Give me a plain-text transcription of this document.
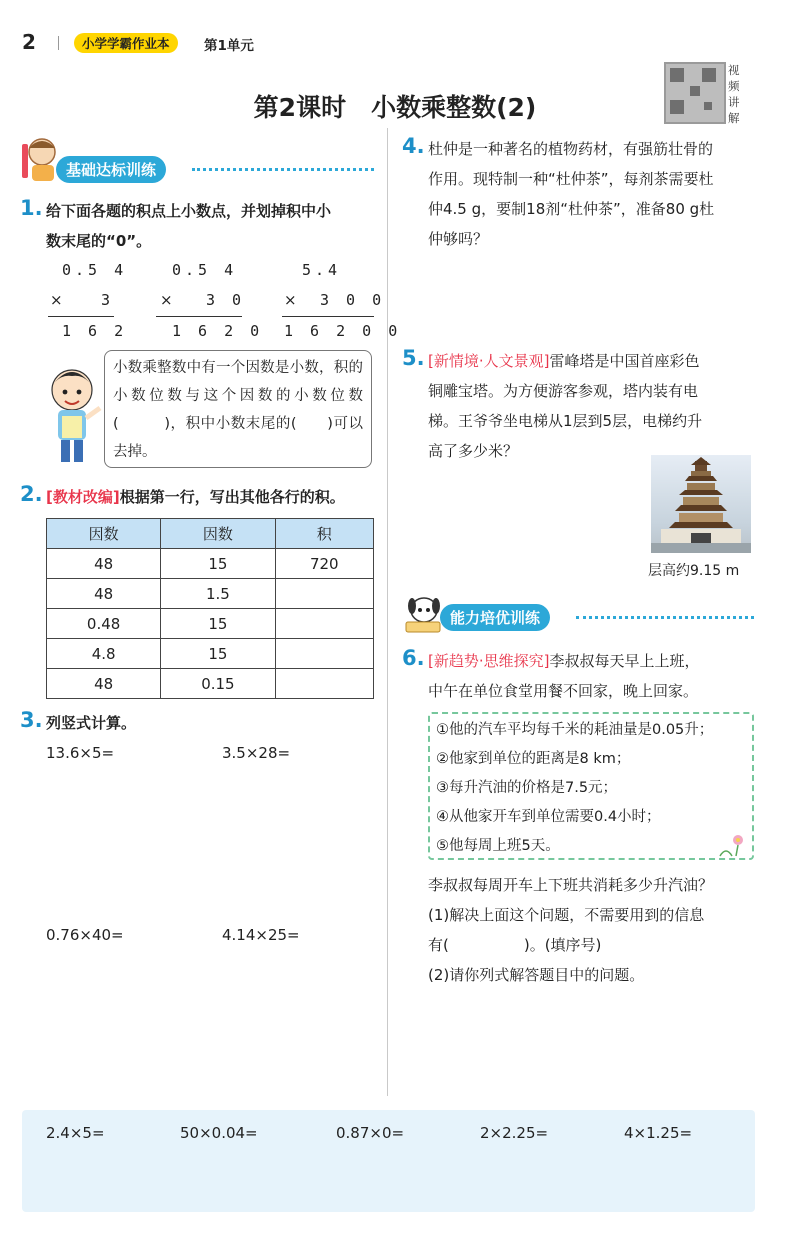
2	小学学霸作业本	第1单元
第2课时　小数乘整数(2)
视频讲解
基础达标训练
1. 给下面各题的积点上小数点，并划掉积中小
数末尾的“0”。
0.5 4
×	3
1 6 2
0.5 4
× 3 0
1 6 2 0
5.4
× 3 0 0
1 6 2 0 0
小数乘整数中有一个因数是小数，积的小数位数与这个因数的小数位数(　　　)，积中小数末尾的(　　)可以去掉。
2. [教材改编]根据第一行，写出其他各行的积。
因数	因数	积
48	15	720
48	1.5	
0.48	15	
4.8	15	
48	0.15	
3. 列竖式计算。
13.6×5=	3.5×28=
0.76×40=	4.14×25=
4. 杜仲是一种著名的植物药材，有强筋壮骨的
作用。现特制一种“杜仲茶”，每剂茶需要杜
仲4.5 g，要制18剂“杜仲茶”，准备80 g杜
仲够吗？
5. [新情境·人文景观]雷峰塔是中国首座彩色
铜雕宝塔。为方便游客参观，塔内装有电
梯。王爷爷坐电梯从1层到5层，电梯约升
高了多少米？
层高约9.15 m
能力培优训练
6. [新趋势·思维探究]李叔叔每天早上上班，
中午在单位食堂用餐不回家，晚上回家。
①他的汽车平均每千米的耗油量是0.05升；
②他家到单位的距离是8 km；
③每升汽油的价格是7.5元；
④从他家开车到单位需要0.4小时；
⑤他每周上班5天。
李叔叔每周开车上下班共消耗多少升汽油？
(1)解决上面这个问题，不需要用到的信息
有(　　　　　)。(填序号)
(2)请你列式解答题目中的问题。
2.4×5=	50×0.04=	0.87×0=	2×2.25=	4×1.25=
